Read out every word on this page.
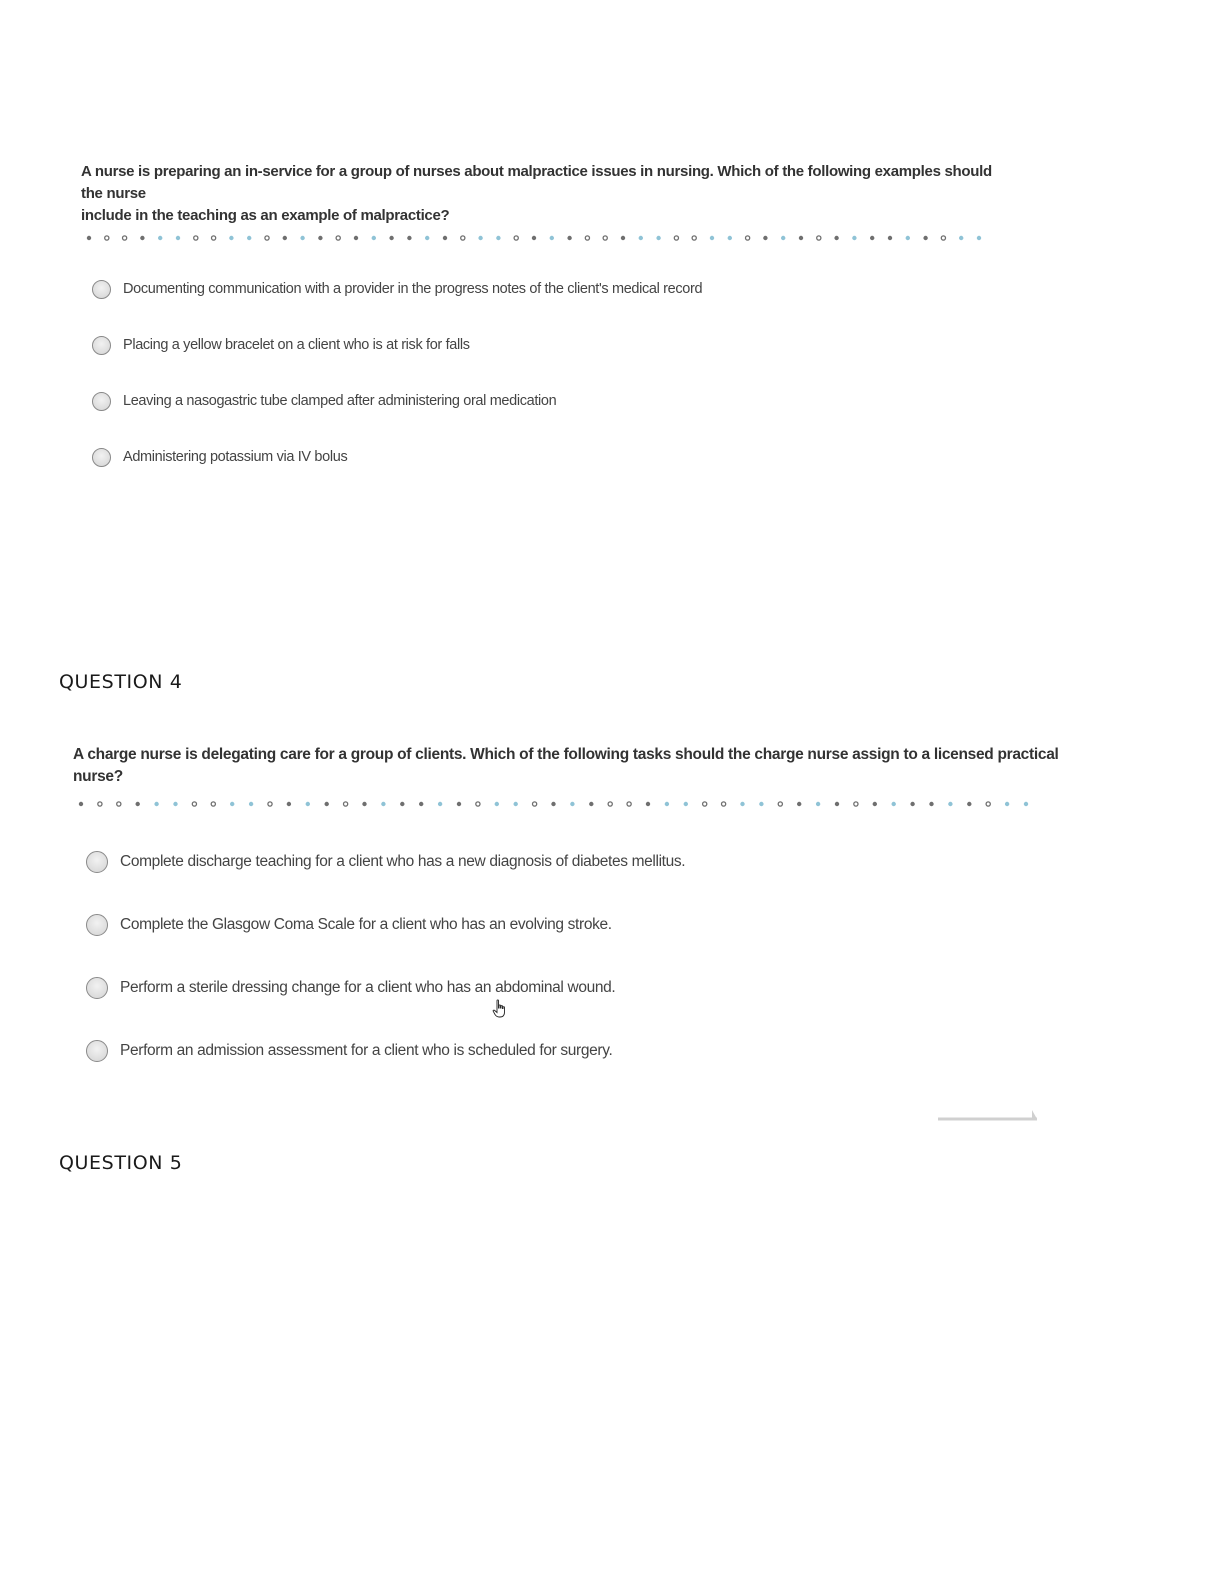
A nurse is preparing an in-service for a group of nurses about malpractice issues in nursing. Which of the following examples should the nurse
include in the teaching as an example of malpractice?
Documenting communication with a provider in the progress notes of the client's medical record
Placing a yellow bracelet on a client who is at risk for falls
Leaving a nasogastric tube clamped after administering oral medication
Administering potassium via IV bolus
QUESTION 4
A charge nurse is delegating care for a group of clients. Which of the following tasks should the charge nurse assign to a licensed practical nurse?
Complete discharge teaching for a client who has a new diagnosis of diabetes mellitus.
Complete the Glasgow Coma Scale for a client who has an evolving stroke.
Perform a sterile dressing change for a client who has an abdominal wound.
Perform an admission assessment for a client who is scheduled for surgery.
QUESTION 5
